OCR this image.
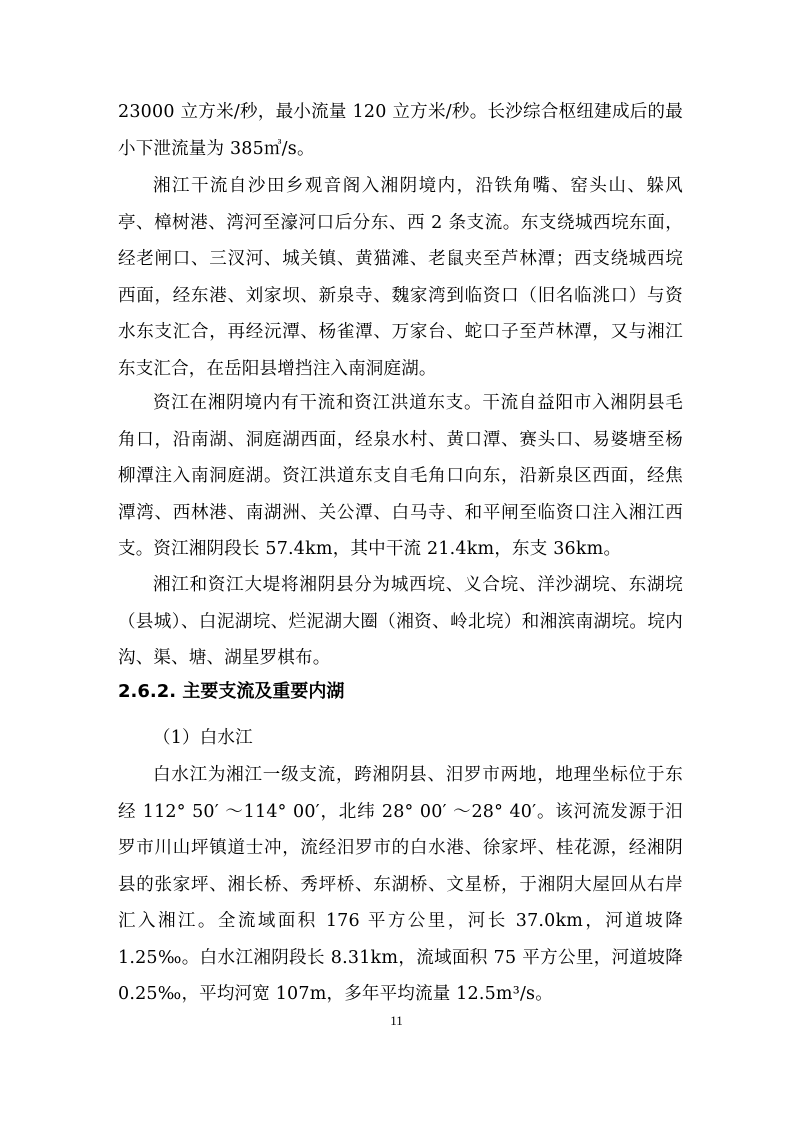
23000 立方米/秒，最小流量 120 立方米/秒。长沙综合枢纽建成后的最小下泄流量为 385㎥/s。

湘江干流自沙田乡观音阁入湘阴境内，沿铁角嘴、窑头山、躲风亭、樟树港、湾河至濠河口后分东、西 2 条支流。东支绕城西垸东面，经老闸口、三汊河、城关镇、黄猫滩、老鼠夹至芦林潭；西支绕城西垸西面，经东港、刘家坝、新泉寺、魏家湾到临资口（旧名临洮口）与资水东支汇合，再经沅潭、杨雀潭、万家台、蛇口子至芦林潭，又与湘江东支汇合，在岳阳县增挡注入南洞庭湖。

资江在湘阴境内有干流和资江洪道东支。干流自益阳市入湘阴县毛角口，沿南湖、洞庭湖西面，经泉水村、黄口潭、赛头口、易婆塘至杨柳潭注入南洞庭湖。资江洪道东支自毛角口向东，沿新泉区西面，经焦潭湾、西林港、南湖洲、关公潭、白马寺、和平闸至临资口注入湘江西支。资江湘阴段长 57.4km，其中干流 21.4km，东支 36km。

湘江和资江大堤将湘阴县分为城西垸、义合垸、洋沙湖垸、东湖垸（县城）、白泥湖垸、烂泥湖大圈（湘资、岭北垸）和湘滨南湖垸。垸内沟、渠、塘、湖星罗棋布。

2.6.2. 主要支流及重要内湖

（1）白水江

白水江为湘江一级支流，跨湘阴县、汨罗市两地，地理坐标位于东经 112° 50′ ～114° 00′，北纬 28° 00′ ～28° 40′。该河流发源于汨罗市川山坪镇道士冲，流经汨罗市的白水港、徐家坪、桂花源，经湘阴县的张家坪、湘长桥、秀坪桥、东湖桥、文星桥，于湘阴大屋回从右岸汇入湘江。全流域面积 176 平方公里，河长 37.0km，河道坡降 1.25‰。白水江湘阴段长 8.31km，流域面积 75 平方公里，河道坡降 0.25‰，平均河宽 107m，多年平均流量 12.5m³/s。

11
